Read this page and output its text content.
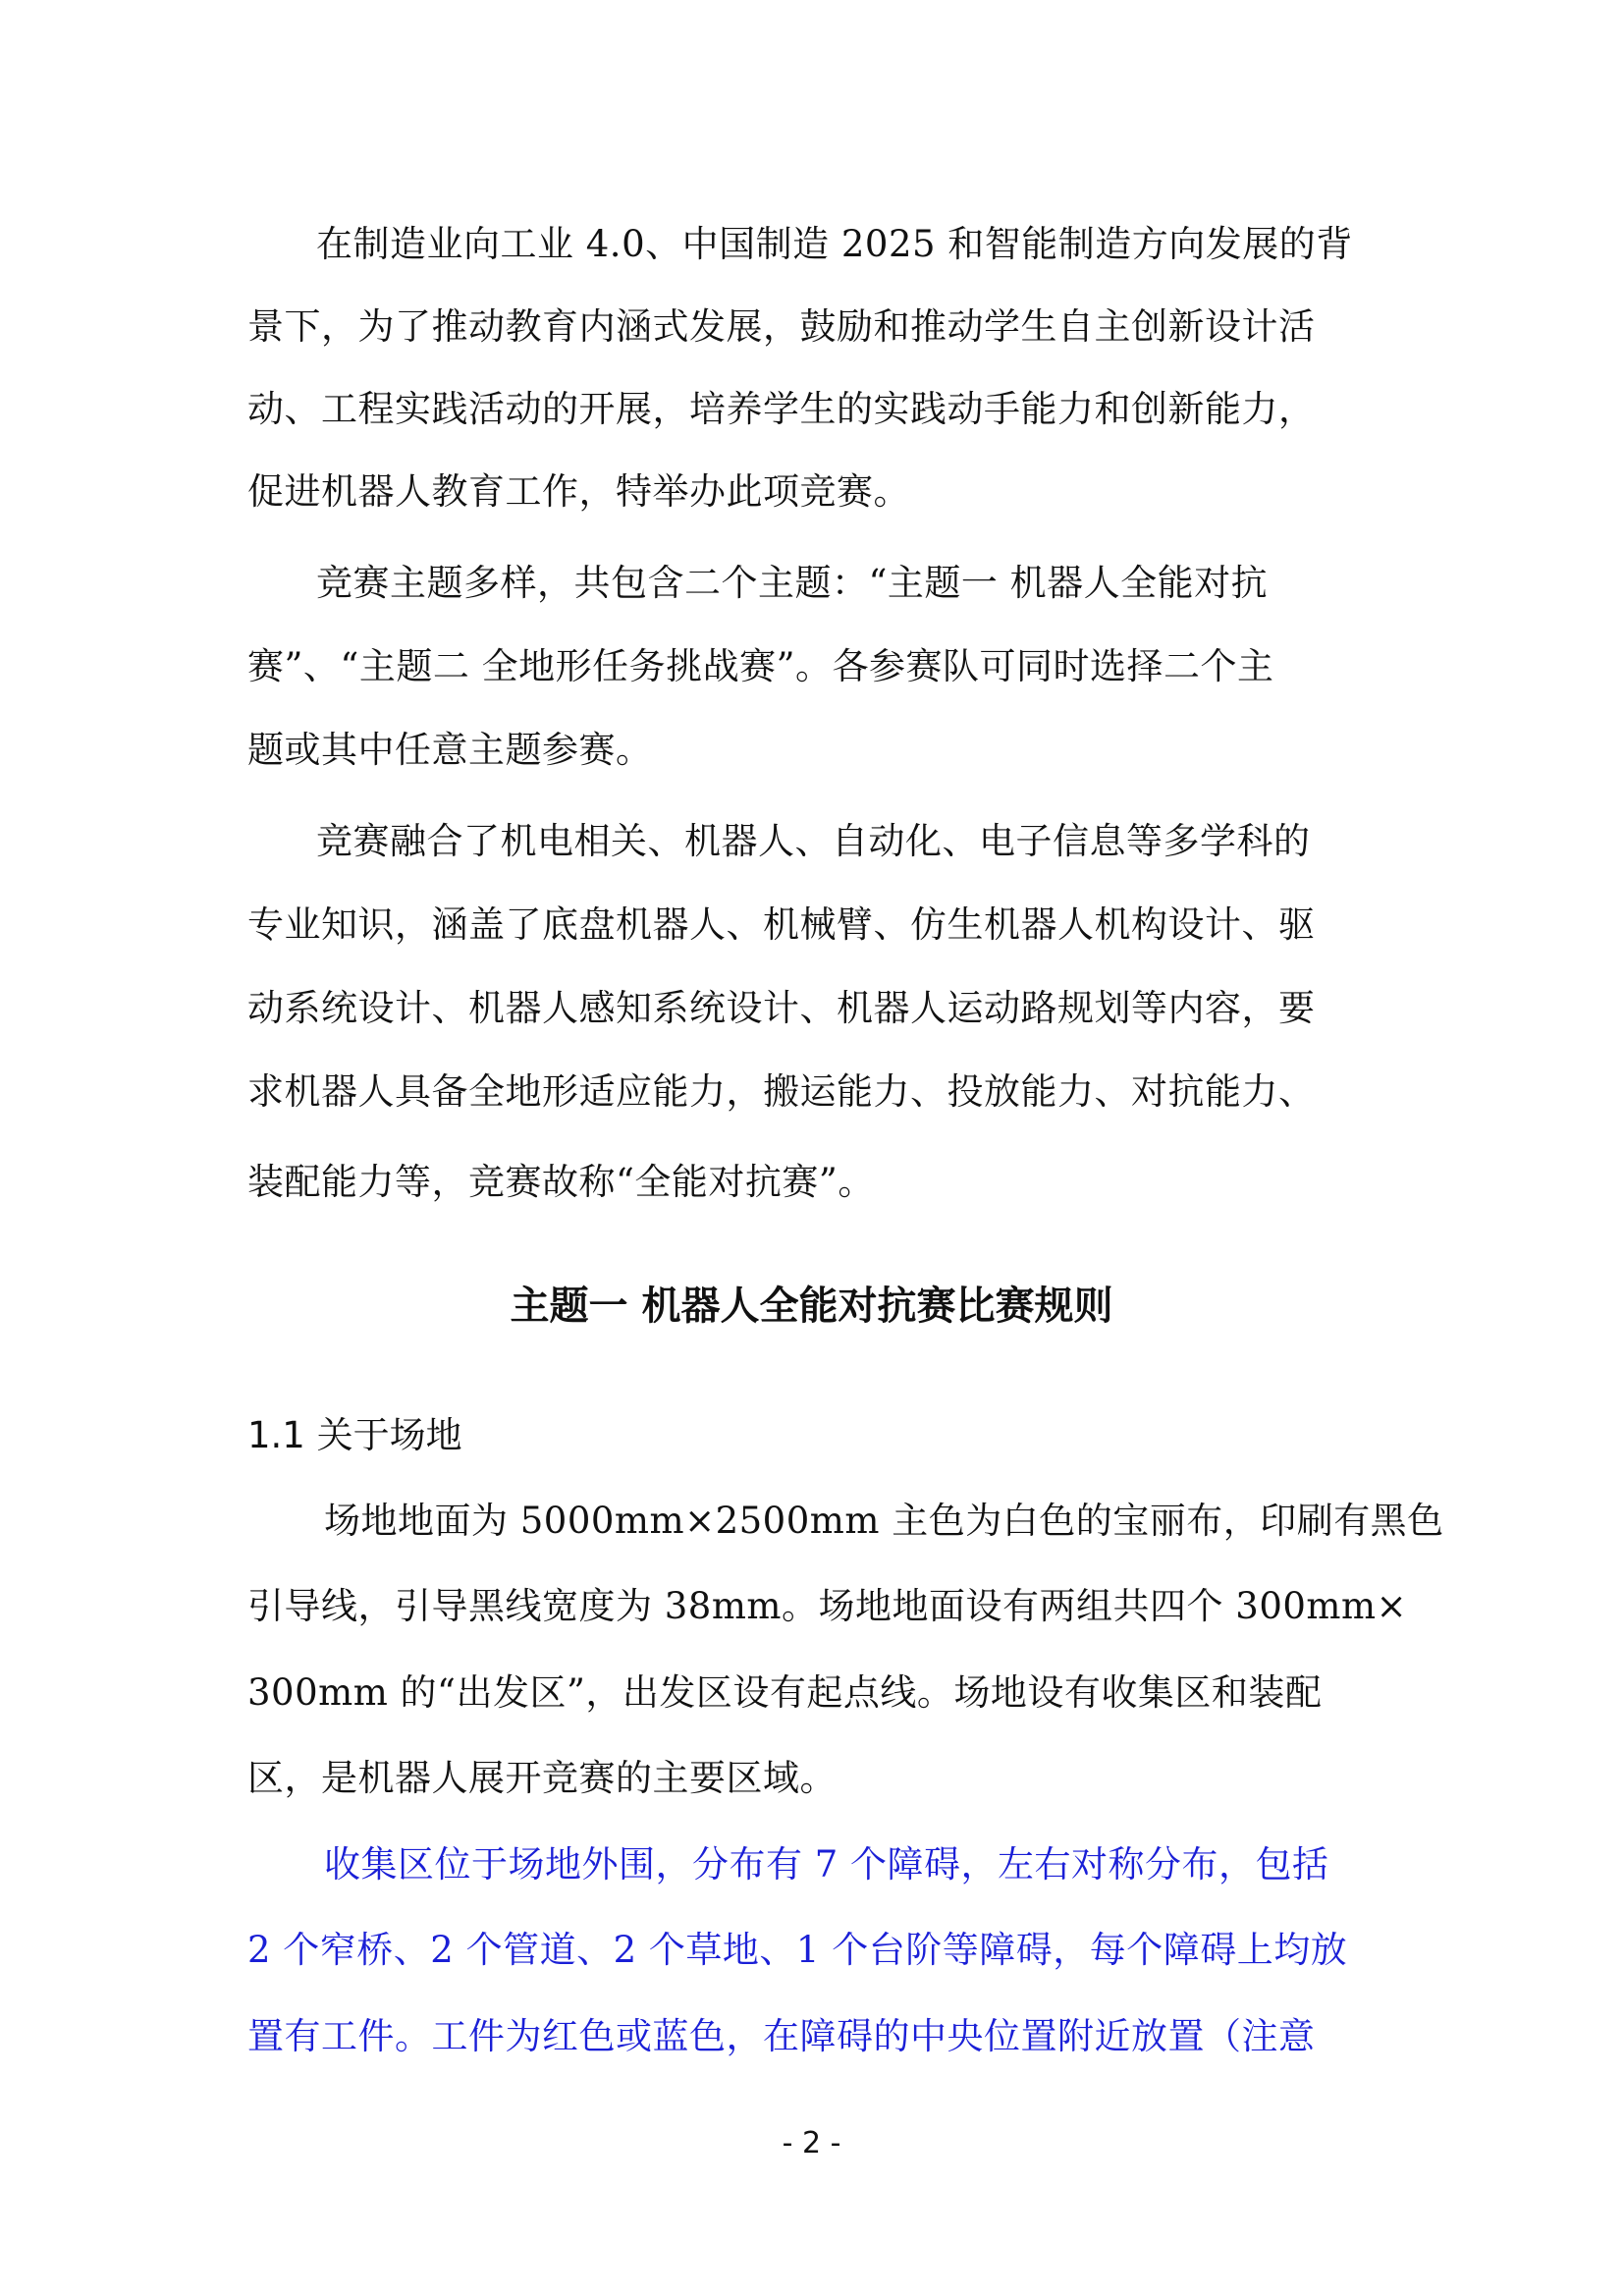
在制造业向工业 4.0、中国制造 2025 和智能制造方向发展的背
景下，为了推动教育内涵式发展，鼓励和推动学生自主创新设计活
动、工程实践活动的开展，培养学生的实践动手能力和创新能力，
促进机器人教育工作，特举办此项竞赛。
竞赛主题多样，共包含二个主题：“主题一 机器人全能对抗
赛”、“主题二 全地形任务挑战赛”。各参赛队可同时选择二个主
题或其中任意主题参赛。
竞赛融合了机电相关、机器人、自动化、电子信息等多学科的
专业知识，涵盖了底盘机器人、机械臂、仿生机器人机构设计、驱
动系统设计、机器人感知系统设计、机器人运动路规划等内容，要
求机器人具备全地形适应能力，搬运能力、投放能力、对抗能力、
装配能力等，竞赛故称“全能对抗赛”。
主题一 机器人全能对抗赛比赛规则
1.1 关于场地
场地地面为 5000mm×2500mm 主色为白色的宝丽布，印刷有黑色
引导线，引导黑线宽度为 38mm。场地地面设有两组共四个 300mm×
300mm 的“出发区”，出发区设有起点线。场地设有收集区和装配
区，是机器人展开竞赛的主要区域。
收集区位于场地外围，分布有 7 个障碍，左右对称分布，包括
2 个窄桥、2 个管道、2 个草地、1 个台阶等障碍，每个障碍上均放
置有工件。工件为红色或蓝色，在障碍的中央位置附近放置（注意
- 2 -
